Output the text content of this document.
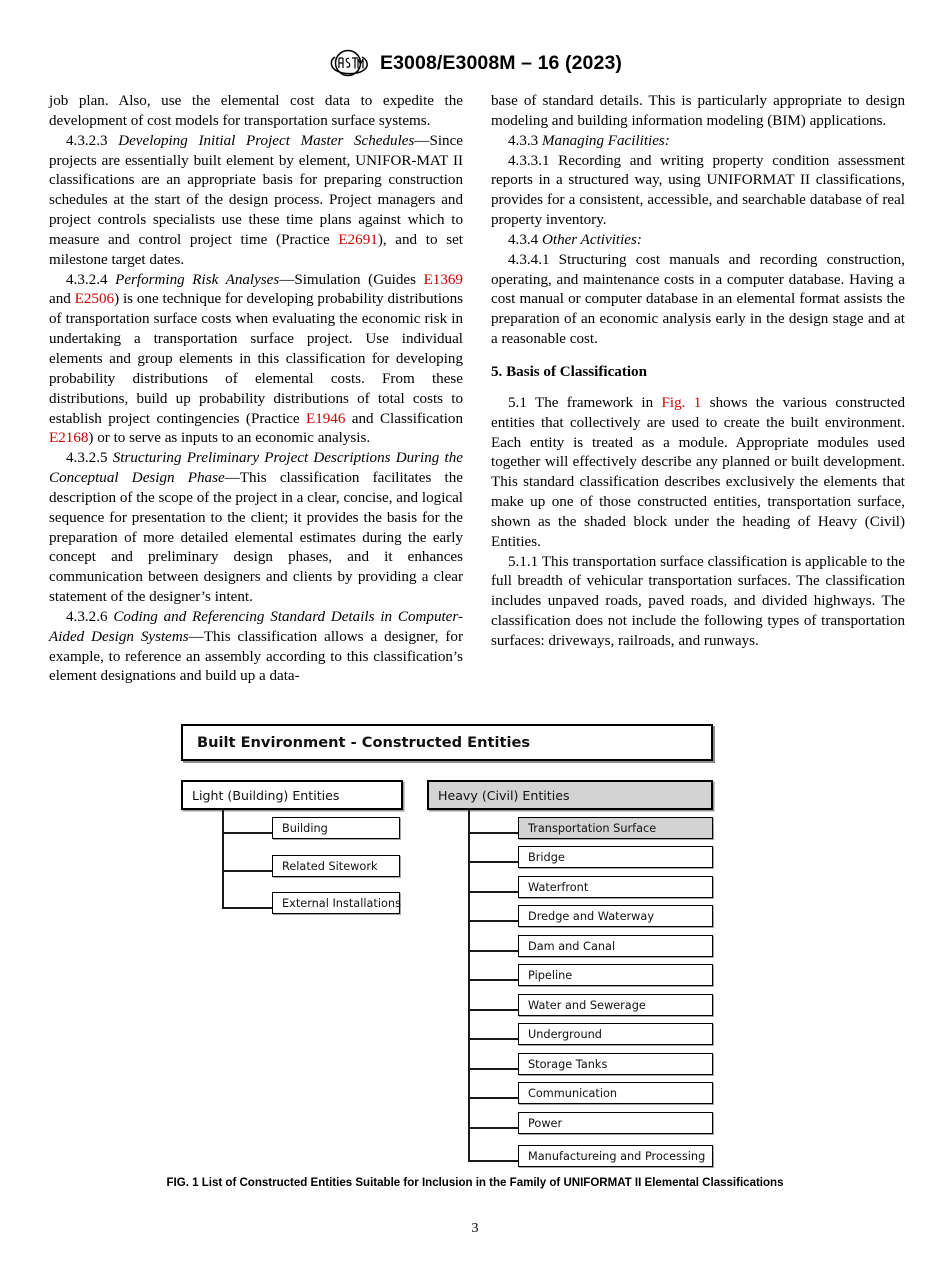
E3008/E3008M – 16 (2023)

job plan. Also, use the elemental cost data to expedite the development of cost models for transportation surface systems.

4.3.2.3 Developing Initial Project Master Schedules—Since projects are essentially built element by element, UNIFOR-MAT II classifications are an appropriate basis for preparing construction schedules at the start of the design process. Project managers and project controls specialists use these time plans against which to measure and control project time (Practice E2691), and to set milestone target dates.

4.3.2.4 Performing Risk Analyses—Simulation (Guides E1369 and E2506) is one technique for developing probability distributions of transportation surface costs when evaluating the economic risk in undertaking a transportation surface project. Use individual elements and group elements in this classification for developing probability distributions of elemental costs. From these distributions, build up probability distributions of total costs to establish project contingencies (Practice E1946 and Classification E2168) or to serve as inputs to an economic analysis.

4.3.2.5 Structuring Preliminary Project Descriptions During the Conceptual Design Phase—This classification facilitates the description of the scope of the project in a clear, concise, and logical sequence for presentation to the client; it provides the basis for the preparation of more detailed elemental estimates during the early concept and preliminary design phases, and it enhances communication between designers and clients by providing a clear statement of the designer’s intent.

4.3.2.6 Coding and Referencing Standard Details in Computer-Aided Design Systems—This classification allows a designer, for example, to reference an assembly according to this classification’s element designations and build up a data-

base of standard details. This is particularly appropriate to design modeling and building information modeling (BIM) applications.

4.3.3 Managing Facilities:

4.3.3.1 Recording and writing property condition assessment reports in a structured way, using UNIFORMAT II classifications, provides for a consistent, accessible, and searchable database of real property inventory.

4.3.4 Other Activities:

4.3.4.1 Structuring cost manuals and recording construction, operating, and maintenance costs in a computer database. Having a cost manual or computer database in an elemental format assists the preparation of an economic analysis early in the design stage and at a reasonable cost.

5. Basis of Classification

5.1 The framework in Fig. 1 shows the various constructed entities that collectively are used to create the built environment. Each entity is treated as a module. Appropriate modules used together will effectively describe any planned or built development. This standard classification describes exclusively the elements that make up one of those constructed entities, transportation surface, shown as the shaded block under the heading of Heavy (Civil) Entities.

5.1.1 This transportation surface classification is applicable to the full breadth of vehicular transportation surfaces. The classification includes unpaved roads, paved roads, and divided highways. The classification does not include the following types of transportation surfaces: driveways, railroads, and runways.

Built Environment - Constructed Entities
Light (Building) Entities
Building
Related Sitework
External Installations
Heavy (Civil) Entities
Transportation Surface
Bridge
Waterfront
Dredge and Waterway
Dam and Canal
Pipeline
Water and Sewerage
Underground
Storage Tanks
Communication
Power
Manufactureing and Processing
FIG. 1 List of Constructed Entities Suitable for Inclusion in the Family of UNIFORMAT II Elemental Classifications
3
